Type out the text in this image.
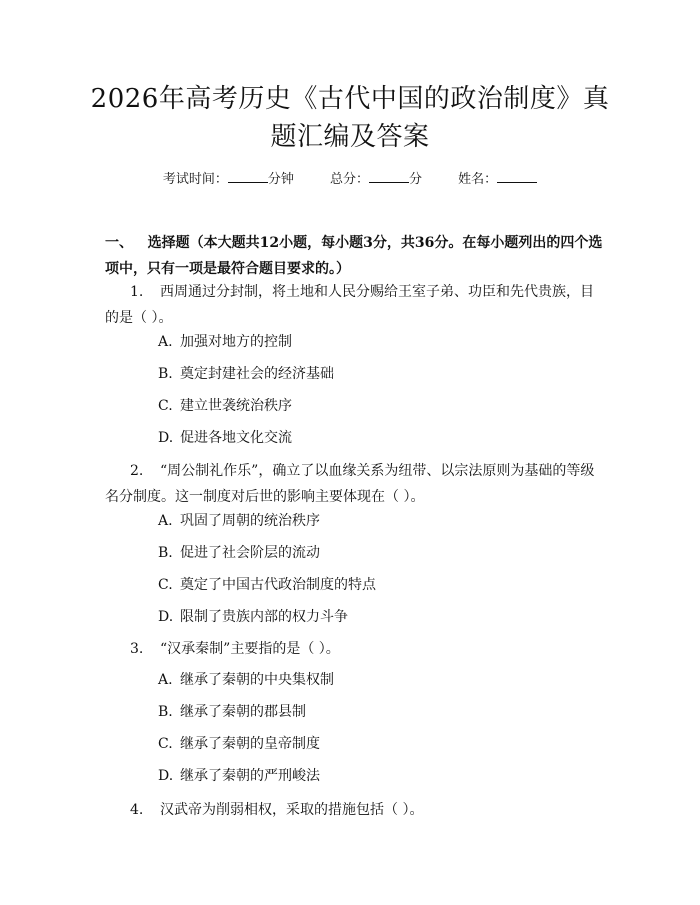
2026年高考历史《古代中国的政治制度》真题汇编及答案
考试时间：	分钟	总分：	分	姓名：
一、 选择题（本大题共12小题，每小题3分，共36分。在每小题列出的四个选项中，只有一项是最符合题目要求的。）
1. 西周通过分封制，将土地和人民分赐给王室子弟、功臣和先代贵族，目的是（ ）。
A. 加强对地方的控制
B. 奠定封建社会的经济基础
C. 建立世袭统治秩序
D. 促进各地文化交流
2. “周公制礼作乐”，确立了以血缘关系为纽带、以宗法原则为基础的等级名分制度。这一制度对后世的影响主要体现在（ ）。
A. 巩固了周朝的统治秩序
B. 促进了社会阶层的流动
C. 奠定了中国古代政治制度的特点
D. 限制了贵族内部的权力斗争
3. “汉承秦制”主要指的是（ ）。
A. 继承了秦朝的中央集权制
B. 继承了秦朝的郡县制
C. 继承了秦朝的皇帝制度
D. 继承了秦朝的严刑峻法
4. 汉武帝为削弱相权，采取的措施包括（ ）。
